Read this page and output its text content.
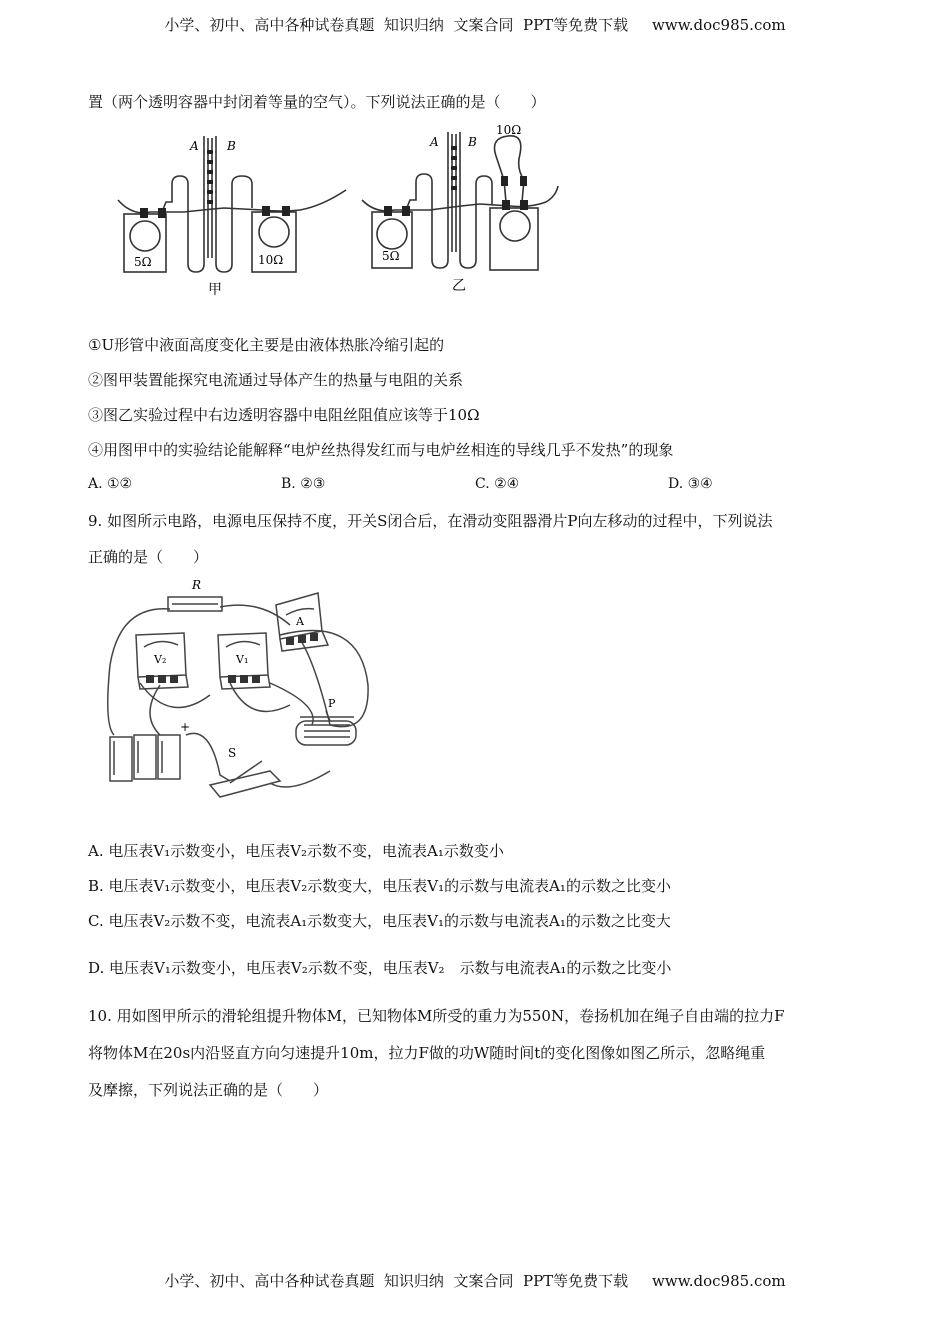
小学、初中、高中各种试卷真题  知识归纳  文案合同  PPT等免费下载     www.doc985.com
小学、初中、高中各种试卷真题  知识归纳  文案合同  PPT等免费下载     www.doc985.com
置（两个透明容器中封闭着等量的空气）。下列说法正确的是（　　）
A B
5Ω	10Ω
甲
A B
10Ω
5Ω
乙
①U形管中液面高度变化主要是由液体热胀冷缩引起的
②图甲装置能探究电流通过导体产生的热量与电阻的关系
③图乙实验过程中右边透明容器中电阻丝阻值应该等于10Ω
④用图甲中的实验结论能解释“电炉丝热得发红而与电炉丝相连的导线几乎不发热”的现象
A. ①②	B. ②③	C. ②④	D. ③④
9. 如图所示电路，电源电压保持不度，开关S闭合后，在滑动变阻器滑片P向左移动的过程中，下列说法
正确的是（　　）
R
A
V₂	V₁
+
S
P
A. 电压表V₁示数变小，电压表V₂示数不变，电流表A₁示数变小
B. 电压表V₁示数变小，电压表V₂示数变大，电压表V₁的示数与电流表A₁的示数之比变小
C. 电压表V₂示数不变，电流表A₁示数变大，电压表V₁的示数与电流表A₁的示数之比变大
D. 电压表V₁示数变小，电压表V₂示数不变，电压表V₂　示数与电流表A₁的示数之比变小
10. 用如图甲所示的滑轮组提升物体M，已知物体M所受的重力为550N，卷扬机加在绳子自由端的拉力F
将物体M在20s内沿竖直方向匀速提升10m，拉力F做的功W随时间t的变化图像如图乙所示，忽略绳重
及摩擦，下列说法正确的是（　　）
